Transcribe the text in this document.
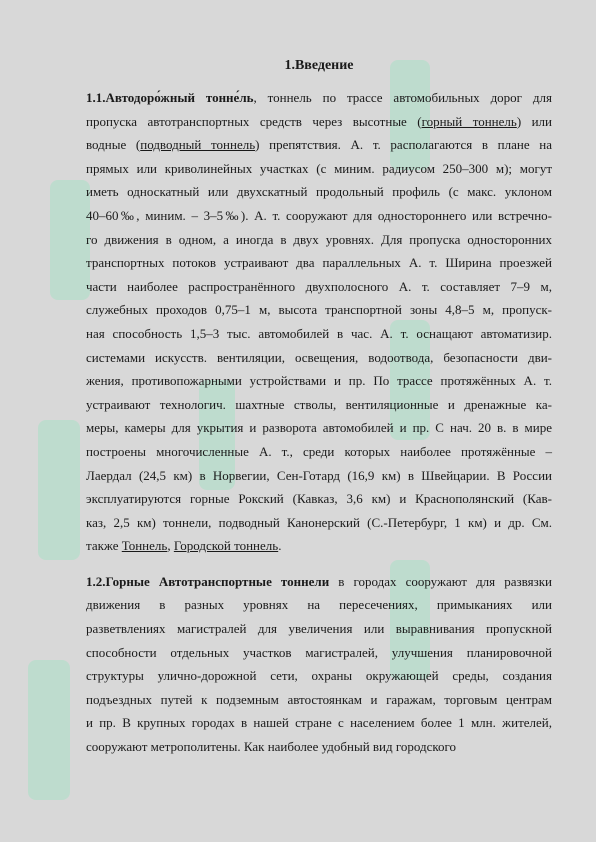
1.Введение
1.1.Автодоро́жный тонне́ль, тоннель по трассе автомобильных дорог для
пропуска автотранспортных средств через высотные (горный тоннель) или
водные (подводный тоннель) препятствия. А. т. располагаются в плане на
прямых или криволинейных участках (с миним. радиусом 250–300 м); могут
иметь односкатный или двухскатный продольный профиль (с макс. уклоном
40–60‰, миним. – 3–5‰). А. т. сооружают для одностороннего или встречно-
го движения в одном, а иногда в двух уровнях. Для пропуска односторонних
транспортных потоков устраивают два параллельных А. т. Ширина проезжей
части наиболее распространённого двухполосного А. т. составляет 7–9 м,
служебных проходов 0,75–1 м, высота транспортной зоны 4,8–5 м, пропуск-
ная способность 1,5–3 тыс. автомобилей в час. А. т. оснащают автоматизир.
системами искусств. вентиляции, освещения, водоотвода, безопасности дви-
жения, противопожарными устройствами и пр. По трассе протяжённых А. т.
устраивают технологич. шахтные стволы, вентиляционные и дренажные ка-
меры, камеры для укрытия и разворота автомобилей и пр. С нач. 20 в. в мире
построены многочисленные А. т., среди которых наиболее протяжённые –
Лаердал (24,5 км) в Норвегии, Сен-Готард (16,9 км) в Швейцарии. В России
эксплуатируются горные Рокский (Кавказ, 3,6 км) и Краснополянский (Кав-
каз, 2,5 км) тоннели, подводный Канонерский (С.-Петербург, 1 км) и др. См.
также Тоннель, Городской тоннель.
1.2.Горные Автотранспортные тоннели в городах сооружают для развязки
движения в разных уровнях на пересечениях, примыканиях или
разветвлениях магистралей для увеличения или выравнивания пропускной
способности отдельных участков магистралей, улучшения планировочной
структуры улично-дорожной сети, охраны окружающей среды, создания
подъездных путей к подземным автостоянкам и гаражам, торговым центрам
и пр. В крупных городах в нашей стране с населением более 1 млн. жителей,
сооружают метрополитены. Как наиболее удобный вид городского
